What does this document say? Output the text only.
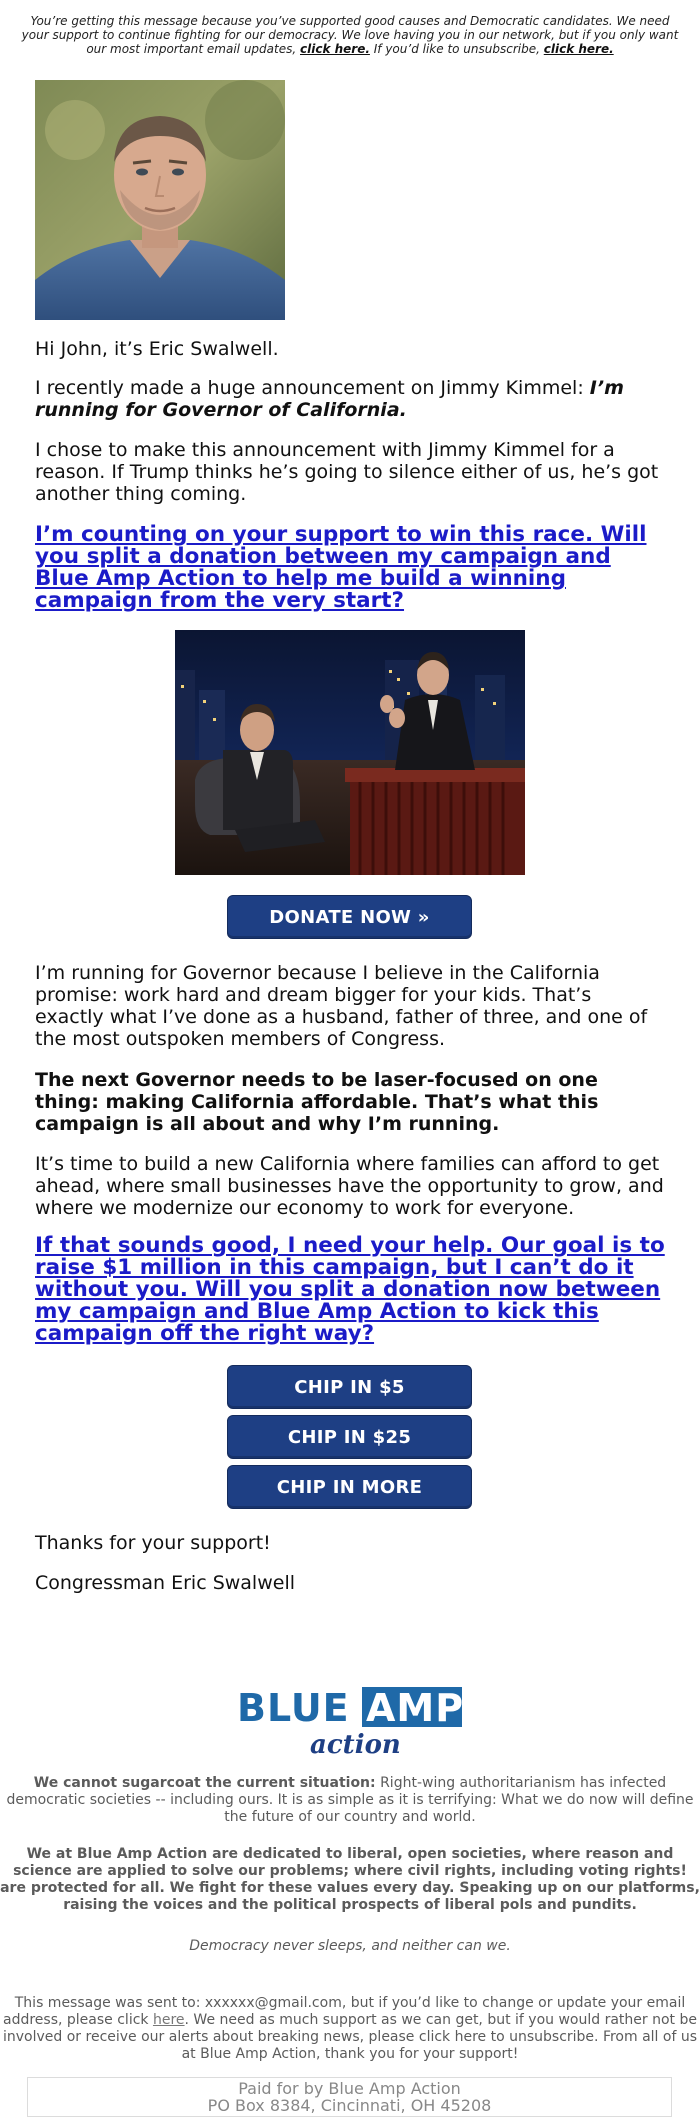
You’re getting this message because you’ve supported good causes and Democratic candidates. We need your support to continue fighting for our democracy. We love having you in our network, but if you only want our most important email updates, click here. If you’d like to unsubscribe, click here.

Hi John, it’s Eric Swalwell.

I recently made a huge announcement on Jimmy Kimmel: I’m running for Governor of California.

I chose to make this announcement with Jimmy Kimmel for a reason. If Trump thinks he’s going to silence either of us, he’s got another thing coming.

I’m counting on your support to win this race. Will you split a donation between my campaign and Blue Amp Action to help me build a winning campaign from the very start?

DONATE NOW »

I’m running for Governor because I believe in the California promise: work hard and dream bigger for your kids. That’s exactly what I’ve done as a husband, father of three, and one of the most outspoken members of Congress.

The next Governor needs to be laser-focused on one thing: making California affordable. That’s what this campaign is all about and why I’m running.

It’s time to build a new California where families can afford to get ahead, where small businesses have the opportunity to grow, and where we modernize our economy to work for everyone.

If that sounds good, I need your help. Our goal is to raise $1 million in this campaign, but I can’t do it without you. Will you split a donation now between my campaign and Blue Amp Action to kick this campaign off the right way?

CHIP IN $5
CHIP IN $25
CHIP IN MORE

Thanks for your support!

Congressman Eric Swalwell

BLUE AMP
action

We cannot sugarcoat the current situation: Right-wing authoritarianism has infected democratic societies -- including ours. It is as simple as it is terrifying: What we do now will define the future of our country and world.

We at Blue Amp Action are dedicated to liberal, open societies, where reason and science are applied to solve our problems; where civil rights, including voting rights! are protected for all. We fight for these values every day. Speaking up on our platforms, raising the voices and the political prospects of liberal pols and pundits.

Democracy never sleeps, and neither can we.

This message was sent to: xxxxxx@gmail.com, but if you’d like to change or update your email address, please click here. We need as much support as we can get, but if you would rather not be involved or receive our alerts about breaking news, please click here to unsubscribe. From all of us at Blue Amp Action, thank you for your support!

Paid for by Blue Amp Action
PO Box 8384, Cincinnati, OH 45208
